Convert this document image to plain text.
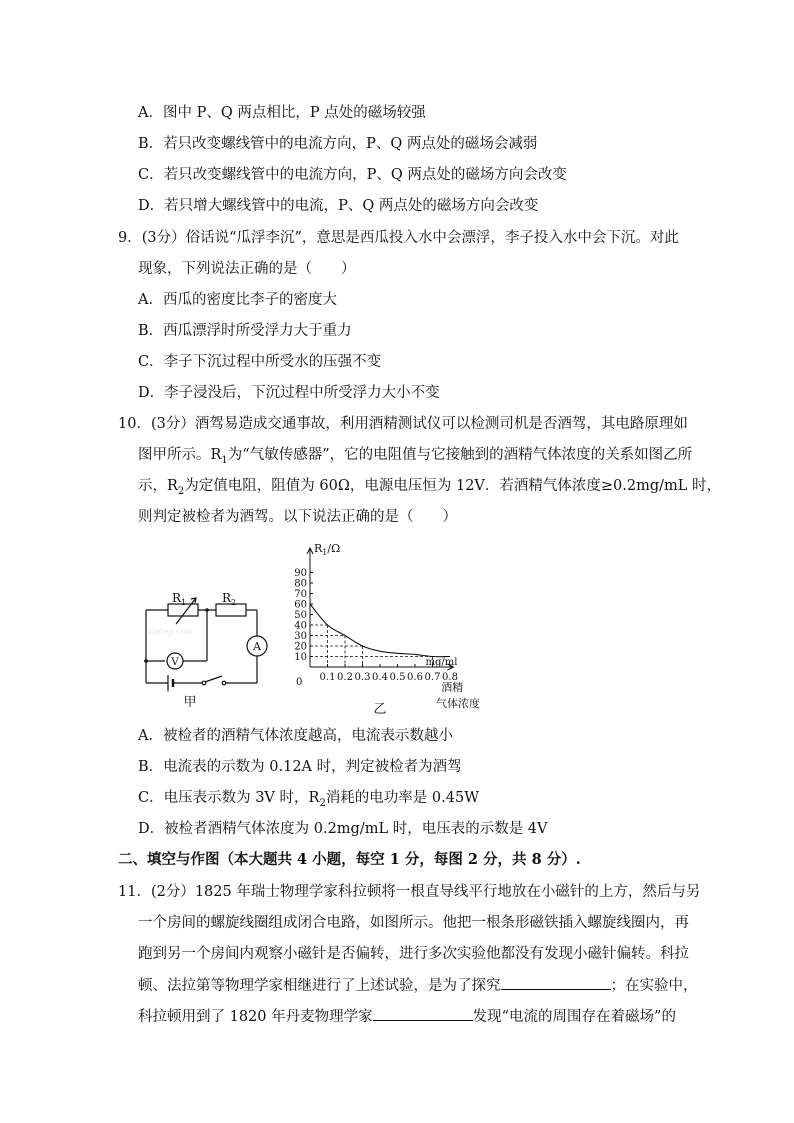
A．图中 P、Q 两点相比，P 点处的磁场较强
B．若只改变螺线管中的电流方向，P、Q 两点处的磁场会减弱
C．若只改变螺线管中的电流方向，P、Q 两点处的磁场方向会改变
D．若只增大螺线管中的电流，P、Q 两点处的磁场方向会改变
9．(3分）俗话说“瓜浮李沉”，意思是西瓜投入水中会漂浮，李子投入水中会下沉。对此
现象，下列说法正确的是（　　）
A．西瓜的密度比李子的密度大
B．西瓜漂浮时所受浮力大于重力
C．李子下沉过程中所受水的压强不变
D．李子浸没后，下沉过程中所受浮力大小不变
10．(3分）酒驾易造成交通事故，利用酒精测试仪可以检测司机是否酒驾，其电路原理如
图甲所示。$R_1$为“气敏传感器”，它的电阻值与它接触到的酒精气体浓度的关系如图乙所
示，$R_2$为定值电阻，阻值为 60Ω，电源电压恒为 12V．若酒精气体浓度≥0.2mg/mL 时，
则判定被检者为酒驾。以下说法正确的是（　　）
$R_1$	$R_2$
V
A
甲
zzstep.com
10
20
30
40
50
60
70
80
90
0.1 0.2 0.3 0.4 0.5 0.6 0.7 0.8
$R_1/\Omega$
mg/ml
酒精
气体浓度
0
乙
A．被检者的酒精气体浓度越高，电流表示数越小
B．电流表的示数为 0.12A 时，判定被检者为酒驾
C．电压表示数为 3V 时，$R_2$消耗的电功率是 0.45W
D．被检者酒精气体浓度为 0.2mg/mL 时，电压表的示数是 4V
二、填空与作图（本大题共 4 小题，每空 1 分，每图 2 分，共 8 分）.
11．(2分）1825 年瑞士物理学家科拉顿将一根直导线平行地放在小磁针的上方，然后与另
一个房间的螺旋线圈组成闭合电路，如图所示。他把一根条形磁铁插入螺旋线圈内，再
跑到另一个房间内观察小磁针是否偏转，进行多次实验他都没有发现小磁针偏转。科拉
顿、法拉第等物理学家相继进行了上述试验，是为了探究	；在实验中，
科拉顿用到了 1820 年丹麦物理学家	发现“电流的周围存在着磁场”的
